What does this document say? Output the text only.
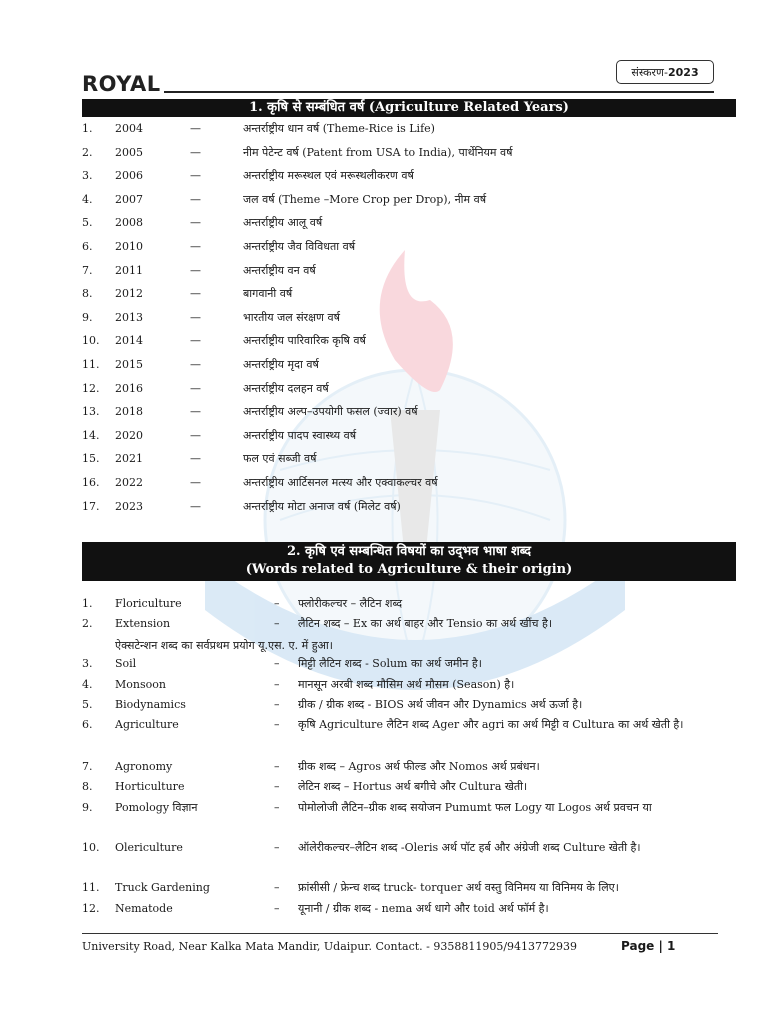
ROYAL	संस्करण- 2023
1. कृषि से सम्बंधित वर्ष (Agriculture Related Years)
1. 2004	—	अन्तर्राष्ट्रीय धान वर्ष (Theme-Rice is Life)
2. 2005	—	नीम पेटेन्ट वर्ष (Patent from USA to India), पार्थेनियम वर्ष
3. 2006	—	अन्तर्राष्ट्रीय मरूस्थल एवं मरूस्थलीकरण वर्ष
4. 2007	—	जल वर्ष (Theme –More Crop per Drop), नीम वर्ष
5. 2008	—	अन्तर्राष्ट्रीय आलू वर्ष
6. 2010	—	अन्तर्राष्ट्रीय जैव विविधता वर्ष
7. 2011	—	अन्तर्राष्ट्रीय वन वर्ष
8. 2012	—	बागवानी वर्ष
9. 2013	—	भारतीय जल संरक्षण वर्ष
10. 2014	—	अन्तर्राष्ट्रीय पारिवारिक कृषि वर्ष
11. 2015	—	अन्तर्राष्ट्रीय मृदा वर्ष
12. 2016	—	अन्तर्राष्ट्रीय दलहन वर्ष
13. 2018	—	अन्तर्राष्ट्रीय अल्प–उपयोगी फसल (ज्वार) वर्ष
14. 2020	—	अन्तर्राष्ट्रीय पादप स्वास्थ्य वर्ष
15. 2021	—	फल एवं सब्जी वर्ष
16. 2022	—	अन्तर्राष्ट्रीय आर्टिसनल मत्स्य और एक्वाकल्चर वर्ष
17. 2023	—	अन्तर्राष्ट्रीय मोटा अनाज वर्ष (मिलेट वर्ष)
2. कृषि एवं सम्बन्धित विषयों का उद्‌भव भाषा शब्द
(Words related to Agriculture & their origin)
1. Floriculture	– फ्लोरीकल्चर – लैटिन शब्द
2. Extension	– लैटिन शब्द – Ex का अर्थ बाहर और Tensio का अर्थ खींच है।
3. Soil	– मिट्टी लैटिन शब्द - Solum का अर्थ जमीन है।
4. Monsoon	– मानसून अरबी शब्द मौसिम अर्थ मौसम (Season) है।
5. Biodynamics	– ग्रीक / ग्रीक शब्द - BIOS अर्थ जीवन और Dynamics अर्थ ऊर्जा है।
6. Agriculture	– कृषि Agriculture लैटिन शब्द Ager और agri का अर्थ मिट्टी व Cultura का अर्थ खेती है।
7. Agronomy	– ग्रीक शब्द – Agros अर्थ फील्ड और Nomos अर्थ प्रबंधन।
8. Horticulture	– लेटिन शब्द – Hortus अर्थ बगीचे और Cultura खेती।
9. Pomology विज्ञान	– पोमोलोजी लैटिन–ग्रीक शब्द सयोजन Pumumt फल Logy या Logos अर्थ प्रवचन या
10. Olericulture	– ऑलेरीकल्चर–लैटिन शब्द -Oleris अर्थ पॉट हर्ब और अंग्रेजी शब्द Culture खेती है।
11. Truck Gardening	– फ्रांसीसी / फ्रेन्च शब्द truck- torquer अर्थ वस्तु विनिमय या विनिमय के लिए।
12. Nematode	– यूनानी / ग्रीक शब्द - nema अर्थ धागे और toid अर्थ फॉर्म है।
ऐक्सटेन्शन शब्द का सर्वप्रथम प्रयोग यू.एस. ए. में हुआ।
University Road, Near Kalka Mata Mandir, Udaipur. Contact. - 9358811905/9413772939	Page | 1
